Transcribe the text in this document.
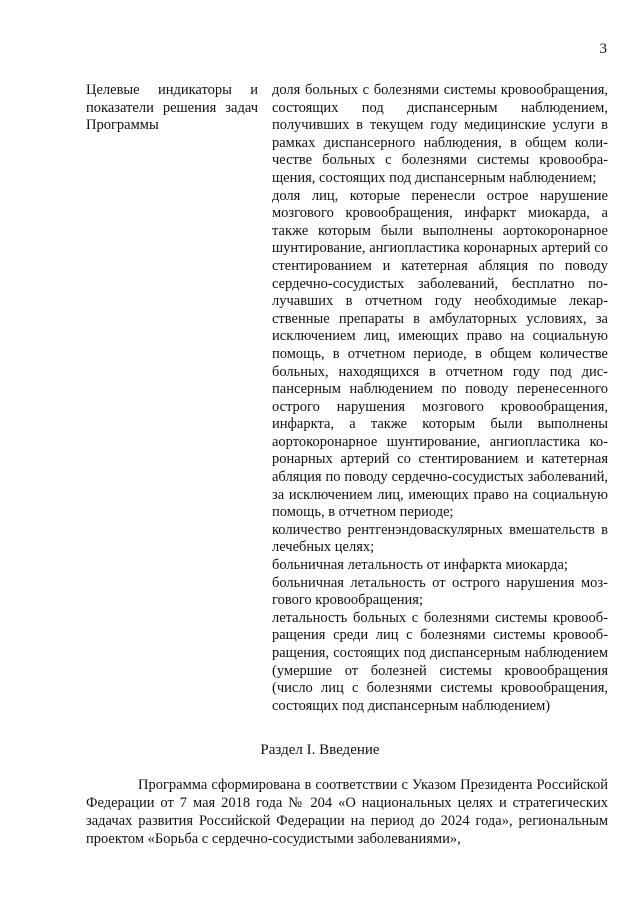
3
Целевые индикаторы и показатели решения задач Программы

доля больных с болезнями системы кровообращения, состоящих под диспансерным наблюдением, получивших в текущем году медицинские услуги в рамках диспансерного наблюдения, в общем количестве больных с болезнями системы кровообращения, состоящих под диспансерным наблюдением;

доля лиц, которые перенесли острое нарушение мозгового кровообращения, инфаркт миокарда, а также которым были выполнены аортокоронарное шунтирование, ангиопластика коронарных артерий со стентированием и катетерная абляция по поводу сердечно-сосудистых заболеваний, бесплатно получавших в отчетном году необходимые лекарственные препараты в амбулаторных условиях, за исключением лиц, имеющих право на социальную помощь, в отчетном периоде, в общем количестве больных, находящихся в отчетном году под диспансерным наблюдением по поводу перенесенного острого нарушения мозгового кровообращения, инфаркта, а также которым были выполнены аортокоронарное шунтирование, ангиопластика коронарных артерий со стентированием и катетерная абляция по поводу сердечно-сосудистых заболеваний, за исключением лиц, имеющих право на социальную помощь, в отчетном периоде;

количество рентгенэндоваскулярных вмешательств в лечебных целях;

больничная летальность от инфаркта миокарда;

больничная летальность от острого нарушения мозгового кровообращения;

летальность больных с болезнями системы кровообращения среди лиц с болезнями системы кровообращения, состоящих под диспансерным наблюдением (умершие от болезней системы кровообращения (число лиц с болезнями системы кровообращения, состоящих под диспансерным наблюдением)

Раздел I. Введение

Программа сформирована в соответствии с Указом Президента Российской Федерации от 7 мая 2018 года № 204 «О национальных целях и стратегических задачах развития Российской Федерации на период до 2024 года», региональным проектом «Борьба с сердечно-сосудистыми заболеваниями»,
